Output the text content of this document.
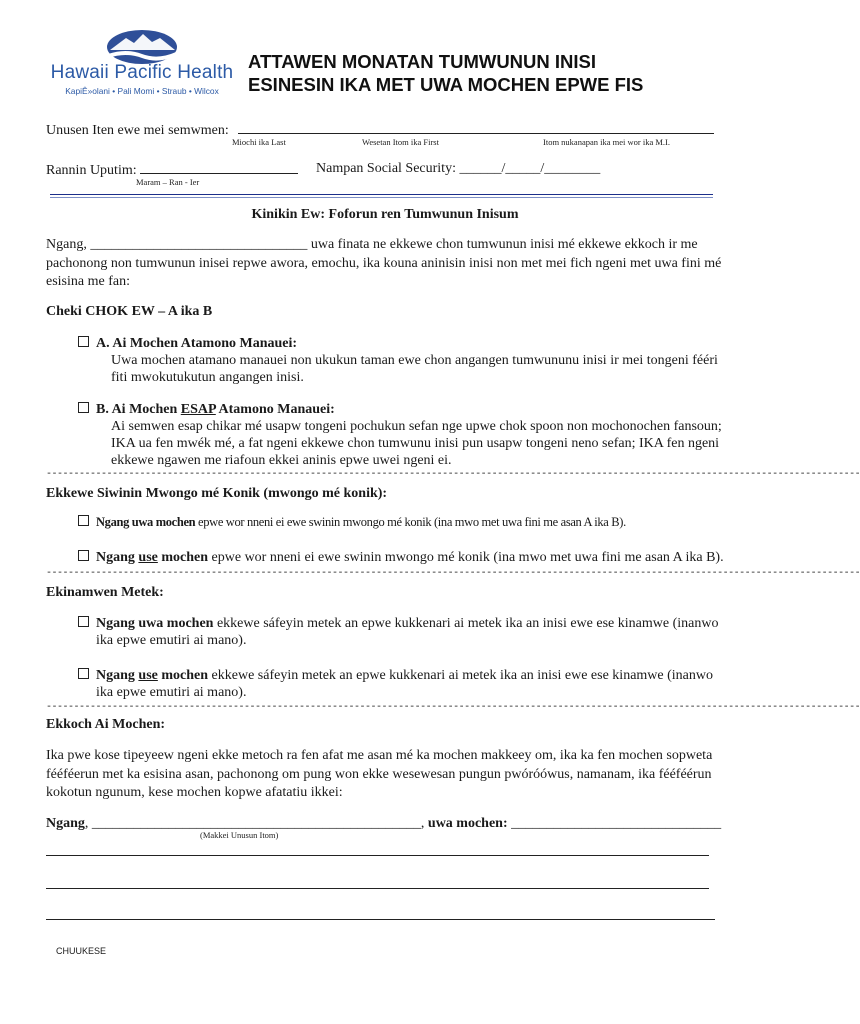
Hawaii Pacific Health
KapiÊ»olani • Pali Momi • Straub • Wilcox
ATTAWEN MONATAN TUMWUNUN INISI
ESINESIN IKA MET UWA MOCHEN EPWE FIS
Unusen Iten ewe mei semwmen:
Miochi ika Last	Wesetan Itom ika First	Itom nukanapan ika mei wor ika M.I.
Rannin Uputim:
Maram – Ran - Ier
Nampan Social Security: ______/_____/________
Kinikin Ew: Foforun ren Tumwunun Inisum
Ngang, _______________________________ uwa finata ne ekkewe chon tumwunun inisi mé ekkewe ekkoch ir me
pachonong non tumwunun inisei repwe awora, emochu, ika kouna aninisin inisi non met mei fich ngeni met uwa fini mé
esisina me fan:
Cheki CHOK EW – A ika B
A. Ai Mochen Atamono Manauei:
Uwa mochen atamano manauei non ukukun taman ewe chon angangen tumwununu inisi ir mei tongeni fééri
fiti mwokutukutun angangen inisi.
B. Ai Mochen ESAP Atamono Manauei:
Ai semwen esap chikar mé usapw tongeni pochukun sefan nge upwe chok spoon non mochonochen fansoun;
IKA ua fen mwék mé, a fat ngeni ekkewe chon tumwunu inisi pun usapw tongeni neno sefan; IKA fen ngeni
ekkewe ngawen me riafoun ekkei aninis epwe uwei ngeni ei.
----------------------------------------------------------------------------------------------------------------------------------------------------
Ekkewe Siwinin Mwongo mé Konik (mwongo mé konik):
Ngang uwa mochen epwe wor nneni ei ewe swinin mwongo mé konik (ina mwo met uwa fini me asan A ika B).
Ngang use mochen epwe wor nneni ei ewe swinin mwongo mé konik (ina mwo met uwa fini me asan A ika B).
----------------------------------------------------------------------------------------------------------------------------------------------------
Ekinamwen Metek:
Ngang uwa mochen ekkewe sáfeyin metek an epwe kukkenari ai metek ika an inisi ewe ese kinamwe (inanwo
ika epwe emutiri ai mano).
Ngang use mochen ekkewe sáfeyin metek an epwe kukkenari ai metek ika an inisi ewe ese kinamwe (inanwo
ika epwe emutiri ai mano).
----------------------------------------------------------------------------------------------------------------------------------------------------
Ekkoch Ai Mochen:
Ika pwe kose tipeyeew ngeni ekke metoch ra fen afat me asan mé ka mochen makkeey om, ika ka fen mochen sopweta
fééféerun met ka esisina asan, pachonong om pung won ekke wesewesan pungun pwóróówus, namanam, ika fééféérun
kokotun ngunum, kese mochen kopwe afatatiu ikkei:
Ngang, _______________________________________________, uwa mochen: ______________________________
(Makkei Unusun Itom)
CHUUKESE
